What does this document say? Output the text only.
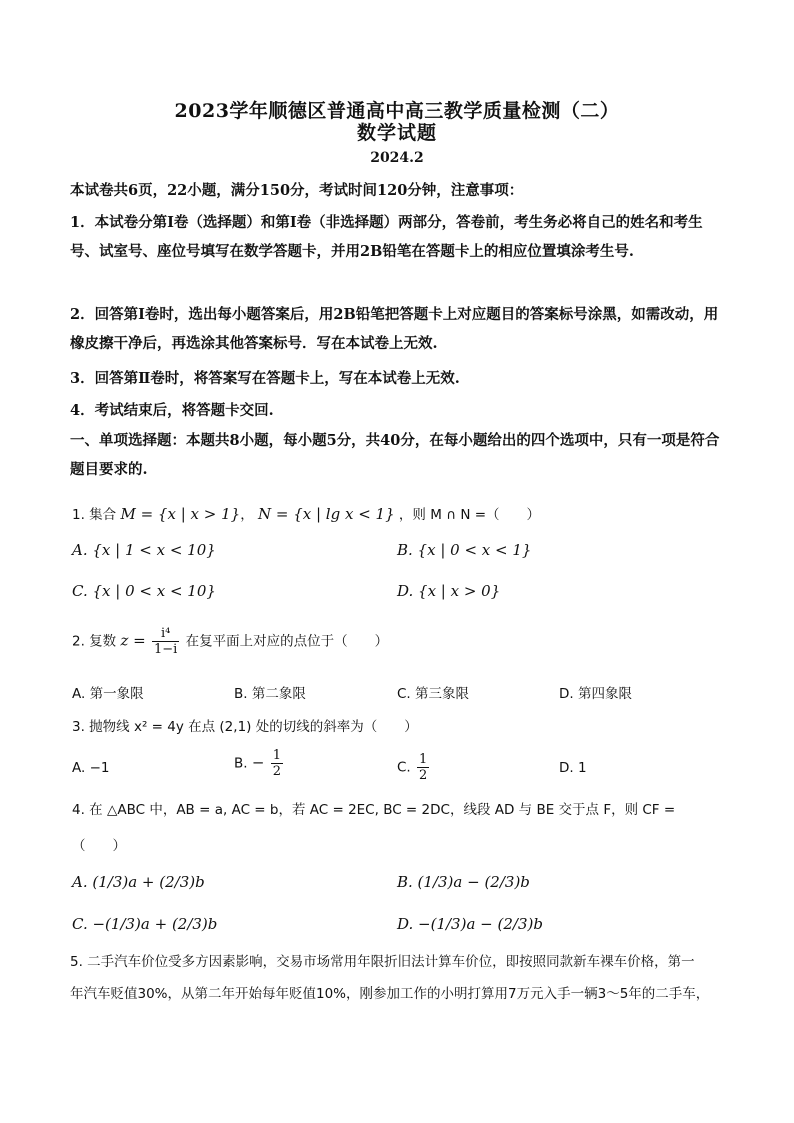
2023学年顺德区普通高中高三教学质量检测（二）
数学试题
2024.2
本试卷共6页，22小题，满分150分，考试时间120分钟，注意事项：
1．本试卷分第Ⅰ卷（选择题）和第Ⅰ卷（非选择题）两部分，答卷前，考生务必将自己的姓名和考生号、试室号、座位号填写在数学答题卡，并用2B铅笔在答题卡上的相应位置填涂考生号.
2．回答第Ⅰ卷时，选出每小题答案后，用2B铅笔把答题卡上对应题目的答案标号涂黑，如需改动，用橡皮擦干净后，再选涂其他答案标号．写在本试卷上无效.
3．回答第Ⅱ卷时，将答案写在答题卡上，写在本试卷上无效.
4．考试结束后，将答题卡交回.
一、单项选择题：本题共8小题，每小题5分，共40分，在每小题给出的四个选项中，只有一项是符合题目要求的.
1. 集合 M = {x | x > 1}， N = {x | lg x < 1} ，则 M ∩ N =（　　）
A. {x | 1 < x < 10}	B. {x | 0 < x < 1}
C. {x | 0 < x < 10}	D. {x | x > 0}
2. 复数 $z = \frac{\text{i⁴}}{1-i}$ 在复平面上对应的点位于（　　）
A. 第一象限	B. 第二象限	C. 第三象限	D. 第四象限
3. 抛物线 x² = 4y 在点 (2,1) 处的切线的斜率为（　　）
A. −1	B. − $\frac{1}{2}$	C. $\frac{1}{2}$	D. 1
4. 在 △ABC 中，AB = a, AC = b，若 AC = 2EC, BC = 2DC，线段 AD 与 BE 交于点 F，则 CF =
（　　）
A. (1/3)a + (2/3)b	B. (1/3)a − (2/3)b
C. −(1/3)a + (2/3)b	D. −(1/3)a − (2/3)b
5. 二手汽车价位受多方因素影响，交易市场常用年限折旧法计算车价位，即按照同款新车裸车价格，第一
年汽车贬值30%，从第二年开始每年贬值10%，刚参加工作的小明打算用7万元入手一辆3～5年的二手车，
